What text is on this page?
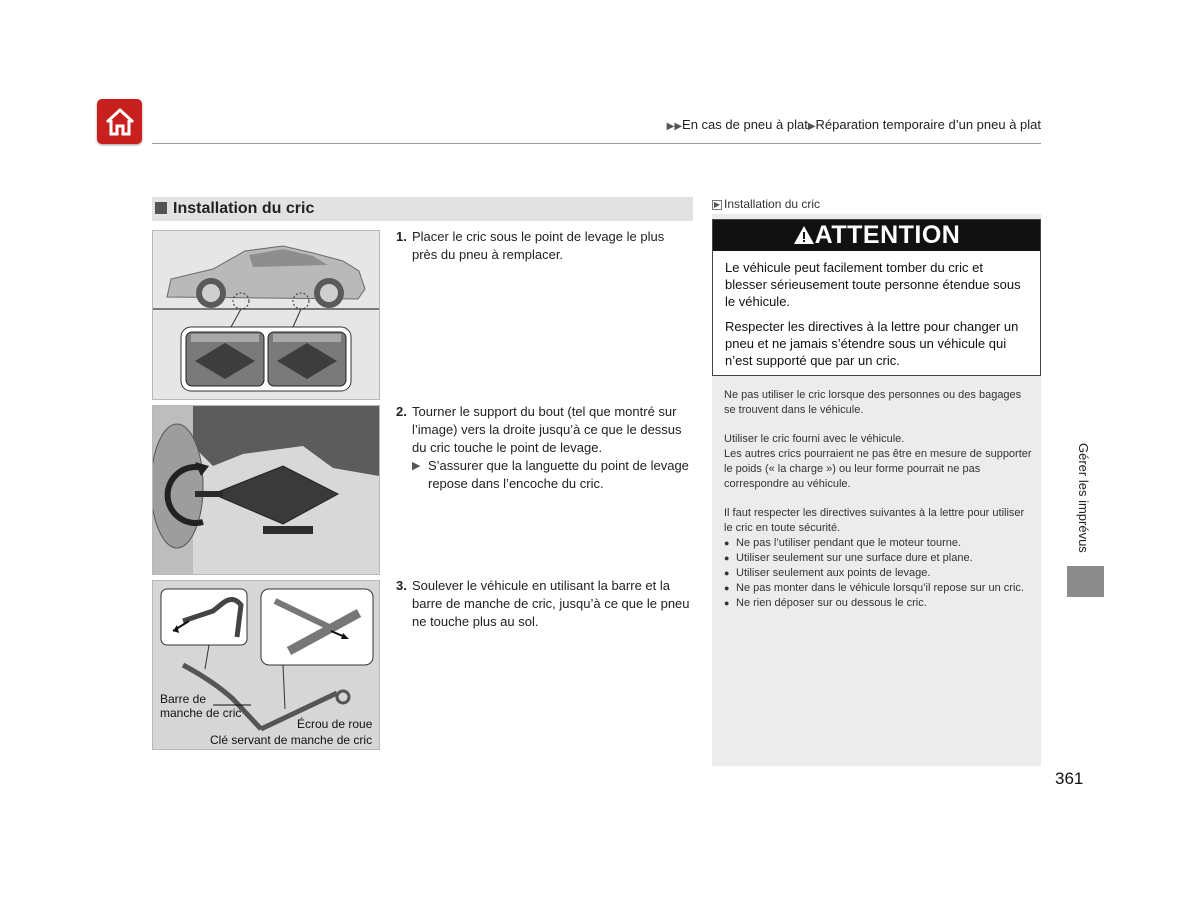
▶▶En cas de pneu à plat▶Réparation temporaire d’un pneu à plat
Installation du cric
Barre de manche de cric
Écrou de roue
Clé servant de manche de cric
1. Placer le cric sous le point de levage le plus près du pneu à remplacer.
2. Tourner le support du bout (tel que montré sur l’image) vers la droite jusqu’à ce que le dessus du cric touche le point de levage.
▶ S’assurer que la languette du point de levage repose dans l’encoche du cric.
3. Soulever le véhicule en utilisant la barre et la barre de manche de cric, jusqu’à ce que le pneu ne touche plus au sol.
▶ Installation du cric
ATTENTION

Le véhicule peut facilement tomber du cric et blesser sérieusement toute personne étendue sous le véhicule.

Respecter les directives à la lettre pour changer un pneu et ne jamais s’étendre sous un véhicule qui n’est supporté que par un cric.

Ne pas utiliser le cric lorsque des personnes ou des bagages se trouvent dans le véhicule.

Utiliser le cric fourni avec le véhicule.

Les autres crics pourraient ne pas être en mesure de supporter le poids (« la charge ») ou leur forme pourrait ne pas correspondre au véhicule.

Il faut respecter les directives suivantes à la lettre pour utiliser le cric en toute sécurité.

● Ne pas l’utiliser pendant que le moteur tourne.

● Utiliser seulement sur une surface dure et plane.

● Utiliser seulement aux points de levage.

● Ne pas monter dans le véhicule lorsqu’il repose sur un cric.

● Ne rien déposer sur ou dessous le cric.

Gérer les imprévus
361
